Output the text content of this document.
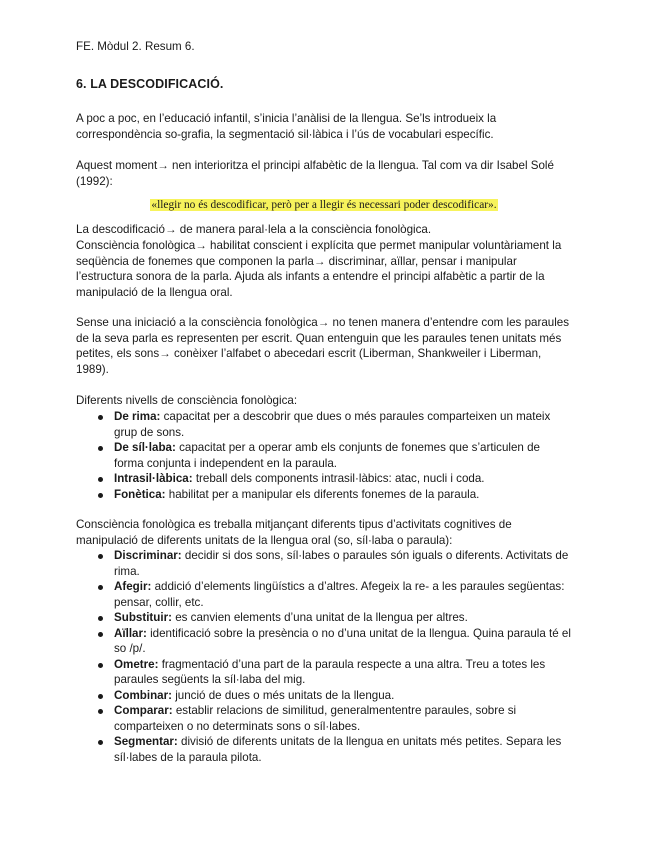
FE. Mòdul 2. Resum 6.
6. LA DESCODIFICACIÓ.
A poc a poc, en l’educació infantil, s’inicia l’anàlisi de la llengua. Se’ls introdueix la correspondència so-grafia, la segmentació sil·làbica i l’ús de vocabulari específic.
Aquest moment→ nen interioritza el principi alfabètic de la llengua. Tal com va dir Isabel Solé (1992):
«llegir no és descodificar, però per a llegir és necessari poder descodificar».
La descodificació→ de manera paral·lela a la consciència fonològica.
Consciència fonològica→ habilitat conscient i explícita que permet manipular voluntàriament la seqüència de fonemes que componen la parla→ discriminar, aïllar, pensar i manipular l’estructura sonora de la parla. Ajuda als infants a entendre el principi alfabètic a partir de la manipulació de la llengua oral.
Sense una iniciació a la consciència fonològica→ no tenen manera d’entendre com les paraules de la seva parla es representen per escrit. Quan entenguin que les paraules tenen unitats més petites, els sons→ conèixer l’alfabet o abecedari escrit (Liberman, Shankweiler i Liberman, 1989).
Diferents nivells de consciència fonològica:
De rima: capacitat per a descobrir que dues o més paraules comparteixen un mateix grup de sons.
De síl·laba: capacitat per a operar amb els conjunts de fonemes que s’articulen de forma conjunta i independent en la paraula.
Intrasil·làbica: treball dels components intrasil·làbics: atac, nucli i coda.
Fonètica: habilitat per a manipular els diferents fonemes de la paraula.
Consciència fonològica es treballa mitjançant diferents tipus d’activitats cognitives de manipulació de diferents unitats de la llengua oral (so, síl·laba o paraula):
Discriminar: decidir si dos sons, síl·labes o paraules són iguals o diferents. Activitats de rima.
Afegir: addició d’elements lingüístics a d’altres. Afegeix la re- a les paraules següentas: pensar, collir, etc.
Substituir: es canvien elements d’una unitat de la llengua per altres.
Aïllar: identificació sobre la presència o no d’una unitat de la llengua. Quina paraula té el so /p/.
Ometre: fragmentació d’una part de la paraula respecte a una altra. Treu a totes les paraules següents la síl·laba del mig.
Combinar: junció de dues o més unitats de la llengua.
Comparar: establir relacions de similitud, generalmententre paraules, sobre si comparteixen o no determinats sons o síl·labes.
Segmentar: divisió de diferents unitats de la llengua en unitats més petites. Separa les síl·labes de la paraula pilota.
